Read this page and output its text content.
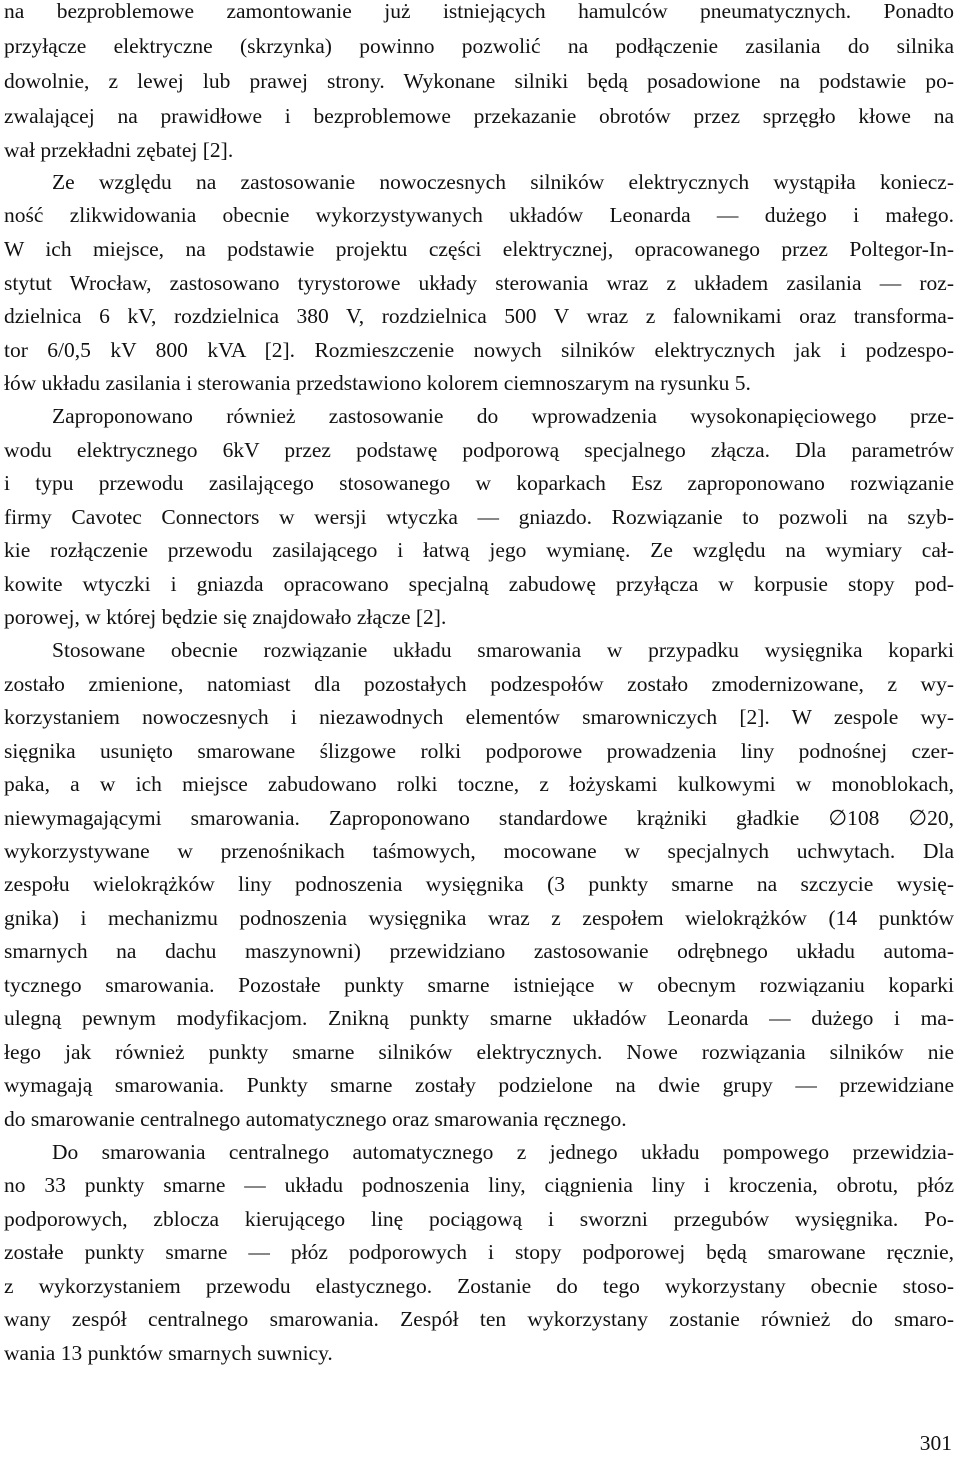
na bezproblemowe zamontowanie już istniejących hamulców pneumatycznych. Ponadto
przyłącze elektryczne (skrzynka) powinno pozwolić na podłączenie zasilania do silnika
dowolnie, z lewej lub prawej strony. Wykonane silniki będą posadowione na podstawie po-
zwalającej na prawidłowe i bezproblemowe przekazanie obrotów przez sprzęgło kłowe na
wał przekładni zębatej [2].
Ze względu na zastosowanie nowoczesnych silników elektrycznych wystąpiła koniecz-
ność zlikwidowania obecnie wykorzystywanych układów Leonarda — dużego i małego.
W ich miejsce, na podstawie projektu części elektrycznej, opracowanego przez Poltegor-In-
stytut Wrocław, zastosowano tyrystorowe układy sterowania wraz z układem zasilania — roz-
dzielnica 6 kV, rozdzielnica 380 V, rozdzielnica 500 V wraz z falownikami oraz transforma-
tor 6/0,5 kV 800 kVA [2]. Rozmieszczenie nowych silników elektrycznych jak i podzespo-
łów układu zasilania i sterowania przedstawiono kolorem ciemnoszarym na rysunku 5.
Zaproponowano również zastosowanie do wprowadzenia wysokonapięciowego prze-
wodu elektrycznego 6kV przez podstawę podporową specjalnego złącza. Dla parametrów
i typu przewodu zasilającego stosowanego w koparkach Esz zaproponowano rozwiązanie
firmy Cavotec Connectors w wersji wtyczka — gniazdo. Rozwiązanie to pozwoli na szyb-
kie rozłączenie przewodu zasilającego i łatwą jego wymianę. Ze względu na wymiary cał-
kowite wtyczki i gniazda opracowano specjalną zabudowę przyłącza w korpusie stopy pod-
porowej, w której będzie się znajdowało złącze [2].
Stosowane obecnie rozwiązanie układu smarowania w przypadku wysięgnika koparki
zostało zmienione, natomiast dla pozostałych podzespołów zostało zmodernizowane, z wy-
korzystaniem nowoczesnych i niezawodnych elementów smarowniczych [2]. W zespole wy-
sięgnika usunięto smarowane ślizgowe rolki podporowe prowadzenia liny podnośnej czer-
paka, a w ich miejsce zabudowano rolki toczne, z łożyskami kulkowymi w monoblokach,
niewymagającymi smarowania. Zaproponowano standardowe krążniki gładkie ∅108 ∅20,
wykorzystywane w przenośnikach taśmowych, mocowane w specjalnych uchwytach. Dla
zespołu wielokrążków liny podnoszenia wysięgnika (3 punkty smarne na szczycie wysię-
gnika) i mechanizmu podnoszenia wysięgnika wraz z zespołem wielokrążków (14 punktów
smarnych na dachu maszynowni) przewidziano zastosowanie odrębnego układu automa-
tycznego smarowania. Pozostałe punkty smarne istniejące w obecnym rozwiązaniu koparki
ulegną pewnym modyfikacjom. Znikną punkty smarne układów Leonarda — dużego i ma-
łego jak również punkty smarne silników elektrycznych. Nowe rozwiązania silników nie
wymagają smarowania. Punkty smarne zostały podzielone na dwie grupy — przewidziane
do smarowanie centralnego automatycznego oraz smarowania ręcznego.
Do smarowania centralnego automatycznego z jednego układu pompowego przewidzia-
no 33 punkty smarne — układu podnoszenia liny, ciągnienia liny i kroczenia, obrotu, płóz
podporowych, zblocza kierującego linę pociągową i sworzni przegubów wysięgnika. Po-
zostałe punkty smarne — płóz podporowych i stopy podporowej będą smarowane ręcznie,
z wykorzystaniem przewodu elastycznego. Zostanie do tego wykorzystany obecnie stoso-
wany zespół centralnego smarowania. Zespół ten wykorzystany zostanie również do smaro-
wania 13 punktów smarnych suwnicy.
301
